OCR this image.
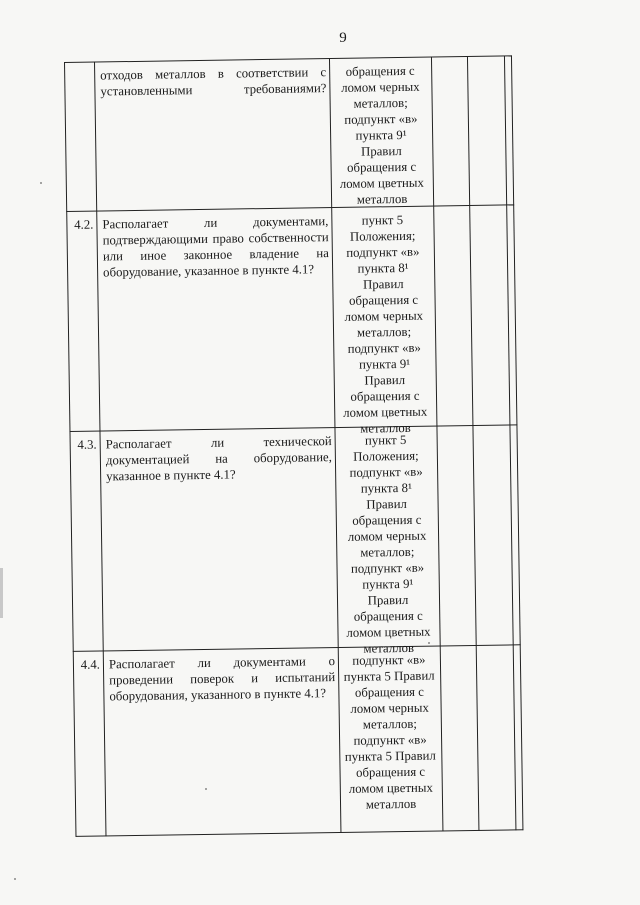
9
отходов металлов в соответствии с установленными требованиями?
обращения с ломом черных металлов; подпункт «в» пункта 9¹ Правил обращения с ломом цветных металлов
4.2. Располагает ли документами, подтверждающими право собственности или иное законное владение на оборудование, указанное в пункте 4.1?
пункт 5 Положения; подпункт «в» пункта 8¹ Правил обращения с ломом черных металлов; подпункт «в» пункта 9¹ Правил обращения с ломом цветных металлов
4.3. Располагает ли технической документацией на оборудование, указанное в пункте 4.1?
пункт 5 Положения; подпункт «в» пункта 8¹ Правил обращения с ломом черных металлов; подпункт «в» пункта 9¹ Правил обращения с ломом цветных металлов
4.4. Располагает ли документами о проведении поверок и испытаний оборудования, указанного в пункте 4.1?
подпункт «в» пункта 5 Правил обращения с ломом черных металлов; подпункт «в» пункта 5 Правил обращения с ломом цветных металлов
